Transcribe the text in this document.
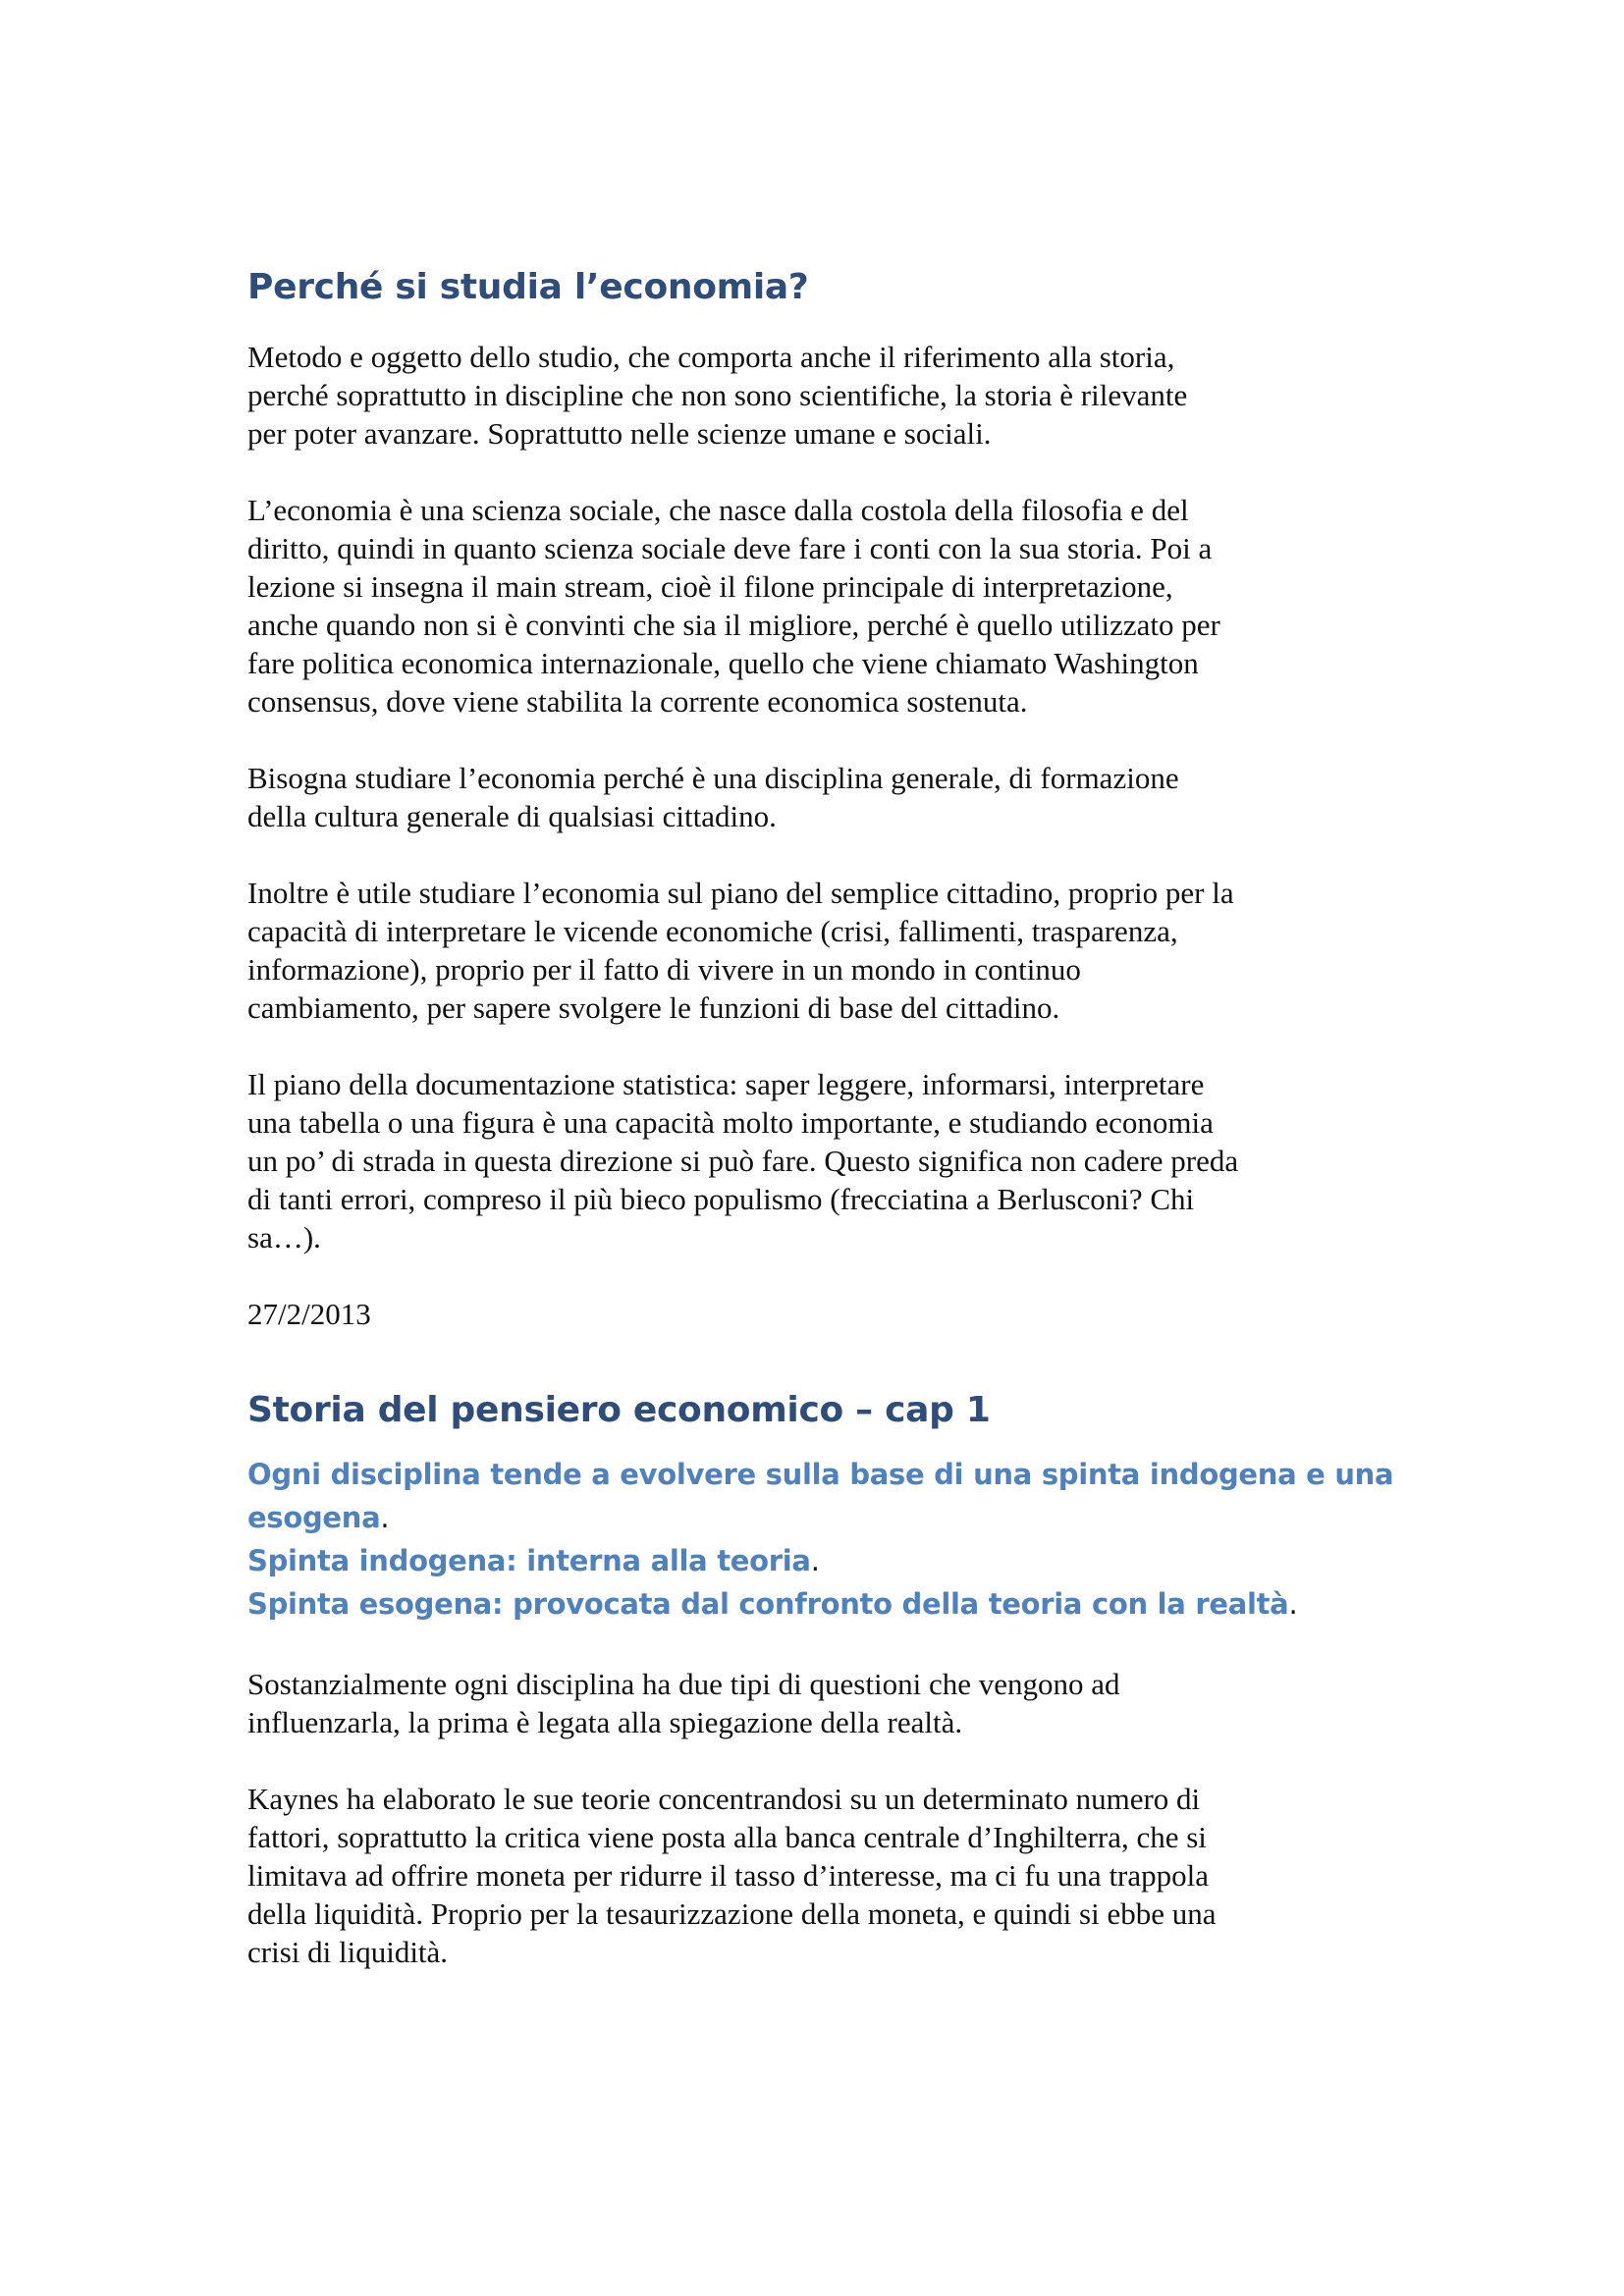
Perché si studia l’economia?

Metodo e oggetto dello studio, che comporta anche il riferimento alla storia,
perché soprattutto in discipline che non sono scientifiche, la storia è rilevante
per poter avanzare. Soprattutto nelle scienze umane e sociali.

L’economia è una scienza sociale, che nasce dalla costola della filosofia e del
diritto, quindi in quanto scienza sociale deve fare i conti con la sua storia. Poi a
lezione si insegna il main stream, cioè il filone principale di interpretazione,
anche quando non si è convinti che sia il migliore, perché è quello utilizzato per
fare politica economica internazionale, quello che viene chiamato Washington
consensus, dove viene stabilita la corrente economica sostenuta.

Bisogna studiare l’economia perché è una disciplina generale, di formazione
della cultura generale di qualsiasi cittadino.

Inoltre è utile studiare l’economia sul piano del semplice cittadino, proprio per la
capacità di interpretare le vicende economiche (crisi, fallimenti, trasparenza,
informazione), proprio per il fatto di vivere in un mondo in continuo
cambiamento, per sapere svolgere le funzioni di base del cittadino.

Il piano della documentazione statistica: saper leggere, informarsi, interpretare
una tabella o una figura è una capacità molto importante, e studiando economia
un po’ di strada in questa direzione si può fare. Questo significa non cadere preda
di tanti errori, compreso il più bieco populismo (frecciatina a Berlusconi? Chi
sa…).

27/2/2013

Storia del pensiero economico – cap 1
Ogni disciplina tende a evolvere sulla base di una spinta indogena e una
esogena.
Spinta indogena: interna alla teoria.
Spinta esogena: provocata dal confronto della teoria con la realtà.

Sostanzialmente ogni disciplina ha due tipi di questioni che vengono ad
influenzarla, la prima è legata alla spiegazione della realtà.

Kaynes ha elaborato le sue teorie concentrandosi su un determinato numero di
fattori, soprattutto la critica viene posta alla banca centrale d’Inghilterra, che si
limitava ad offrire moneta per ridurre il tasso d’interesse, ma ci fu una trappola
della liquidità. Proprio per la tesaurizzazione della moneta, e quindi si ebbe una
crisi di liquidità.
